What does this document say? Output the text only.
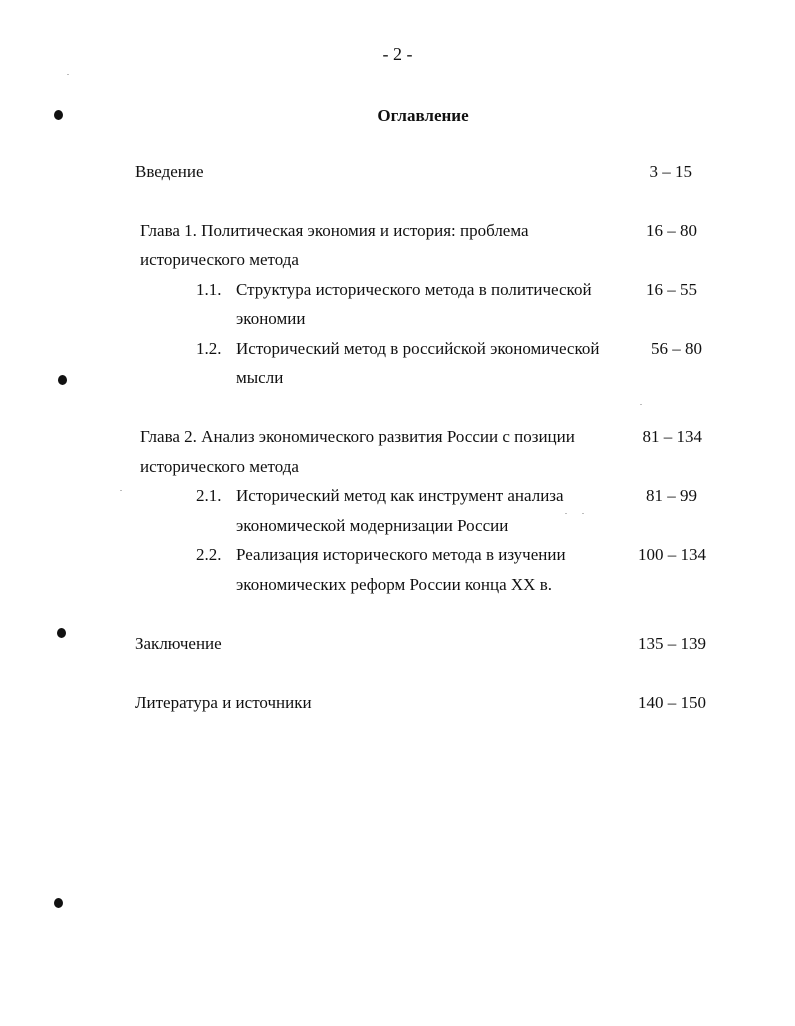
- 2 -
Оглавление
Введение	3 – 15
Глава 1. Политическая экономия и история: проблема	16 – 80
исторического метода
1.1. Структура исторического метода в политической	16 – 55
экономии
1.2. Исторический метод в российской экономической	56 – 80
мысли
Глава 2. Анализ экономического развития России с позиции	81 – 134
исторического метода
2.1. Исторический метод как инструмент анализа	81 – 99
экономической модернизации России
2.2. Реализация исторического метода в изучении	100 – 134
экономических реформ России конца XX в.
Заключение	135 – 139
Литература и источники	140 – 150
